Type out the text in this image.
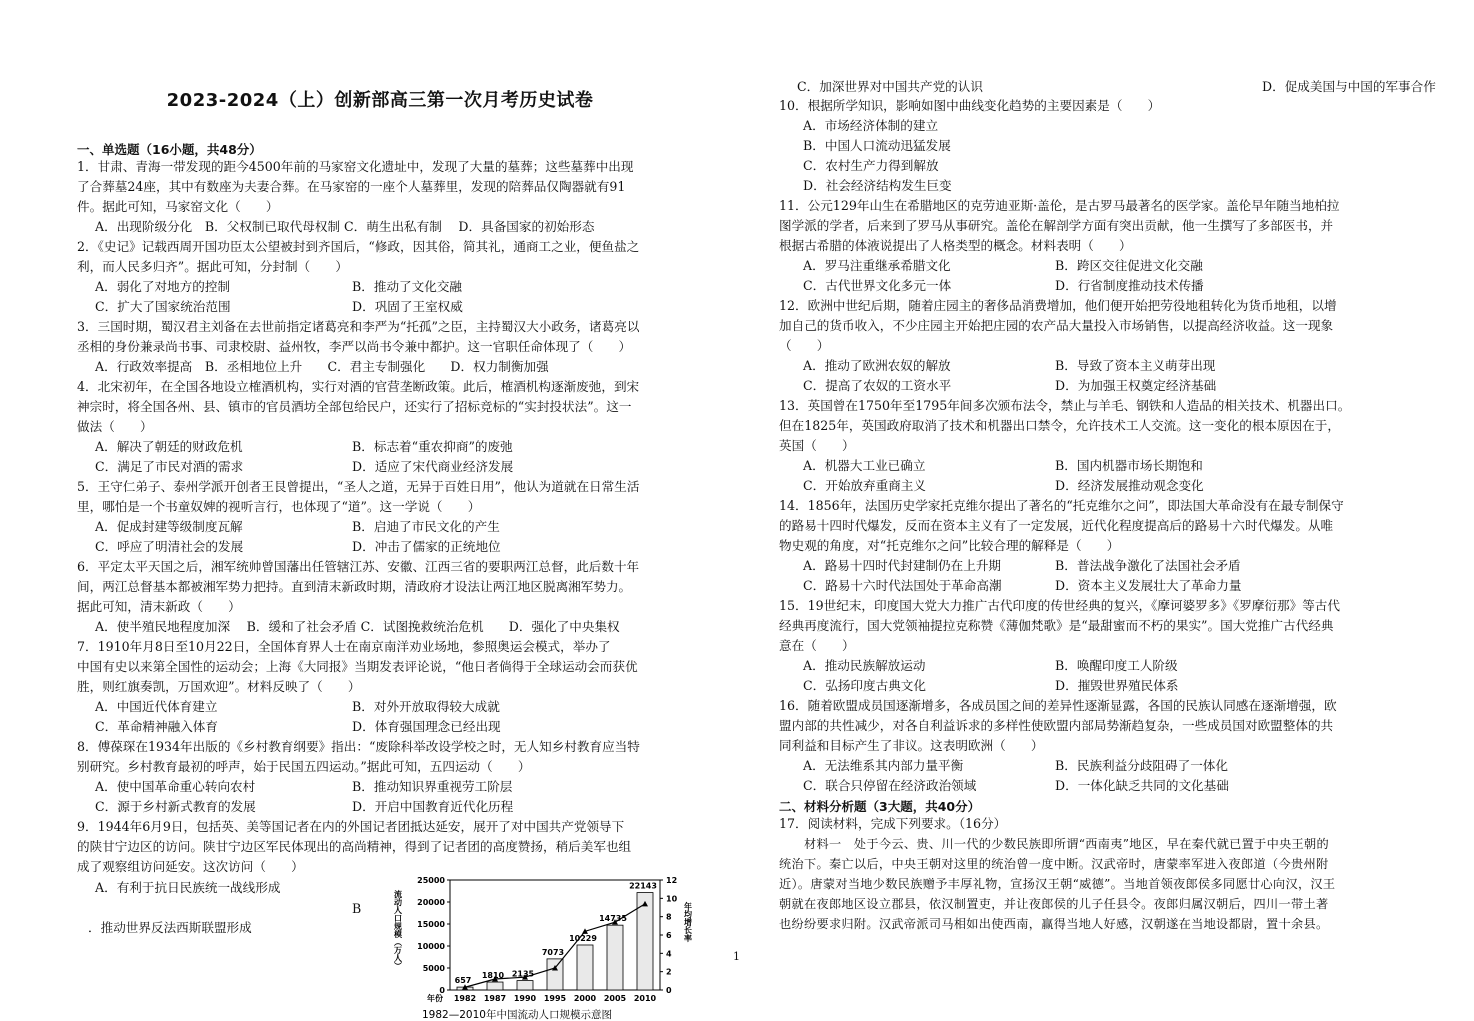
2023-2024（上）创新部高三第一次月考历史试卷
一、单选题（16小题，共48分）
1．甘肃、青海一带发现的距今4500年前的马家窑文化遗址中，发现了大量的墓葬；这些墓葬中出现
了合葬墓24座，其中有数座为夫妻合葬。在马家窑的一座个人墓葬里，发现的陪葬品仅陶器就有91
件。据此可知，马家窑文化（　　）
A．出现阶级分化　B．父权制已取代母权制 C．萌生出私有制　 D．具备国家的初始形态
2．《史记》记载西周开国功臣太公望被封到齐国后，“修政，因其俗，简其礼，通商工之业，便鱼盐之
利，而人民多归齐”。据此可知，分封制（　　）
A．弱化了对地方的控制	B．推动了文化交融
C．扩大了国家统治范围	D．巩固了王室权威
3．三国时期，蜀汉君主刘备在去世前指定诸葛亮和李严为“托孤”之臣，主持蜀汉大小政务，诸葛亮以
丞相的身份兼录尚书事、司隶校尉、益州牧，李严以尚书令兼中都护。这一官职任命体现了（　　）
A．行政效率提高　B．丞相地位上升　　C．君主专制强化　　D．权力制衡加强
4．北宋初年，在全国各地设立榷酒机构，实行对酒的官营垄断政策。此后，榷酒机构逐渐废弛，到宋
神宗时，将全国各州、县、镇市的官员酒坊全部包给民户，还实行了招标竞标的“实封投状法”。这一
做法（　　）
A．解决了朝廷的财政危机	B．标志着“重农抑商”的废弛
C．满足了市民对酒的需求	D．适应了宋代商业经济发展
5．王守仁弟子、泰州学派开创者王艮曾提出，“圣人之道，无异于百姓日用”，他认为道就在日常生活
里，哪怕是一个书童奴婢的视听言行，也体现了“道”。这一学说（　　）
A．促成封建等级制度瓦解	B．启迪了市民文化的产生
C．呼应了明清社会的发展	D．冲击了儒家的正统地位
6．平定太平天国之后，湘军统帅曾国藩出任管辖江苏、安徽、江西三省的要职两江总督，此后数十年
间，两江总督基本都被湘军势力把持。直到清末新政时期，清政府才设法让两江地区脱离湘军势力。
据此可知，清末新政（　　）
A．使半殖民地程度加深　 B．缓和了社会矛盾 C．试图挽救统治危机　　D．强化了中央集权
7．1910年月8日至10月22日，全国体育界人士在南京南洋劝业场地，参照奥运会模式，举办了
中国有史以来第全国性的运动会；上海《大同报》当期发表评论说，“他日者倘得于全球运动会而获优
胜，则红旗奏凯，万国欢迎”。材料反映了（　　）
A．中国近代体育建立	B．对外开放取得较大成就
C．革命精神融入体育	D．体育强国理念已经出现
8．傅葆琛在1934年出版的《乡村教育纲要》指出：“废除科举改设学校之时，无人知乡村教育应当特
别研究。乡村教育最初的呼声，始于民国五四运动。”据此可知，五四运动（　　）
A．使中国革命重心转向农村	B．推动知识界重视劳工阶层
C．源于乡村新式教育的发展	D．开启中国教育近代化历程
9．1944年6月9日，包括英、美等国记者在内的外国记者团抵达延安，展开了对中国共产党领导下
的陕甘宁边区的访问。陕甘宁边区军民体现出的高尚精神，得到了记者团的高度赞扬，稍后美军也组
成了观察组访问延安。这次访问（　　）
A．有利于抗日民族统一战线形成
B
．推动世界反法西斯联盟形成
0
5000
10000
15000
20000
25000
0
2
4
6
8
10
12
657
1810 2135
7073
10229
14735
22143
1982 1987 1990 1995 2000 2005 2010
流动人口规模（万人）	年均增长率
年份
1982—2010年中国流动人口规模示意图
1
C．加深世界对中国共产党的认识	D．促成美国与中国的军事合作
10．根据所学知识，影响如图中曲线变化趋势的主要因素是（　　）
A．市场经济体制的建立
B．中国人口流动迅猛发展
C．农村生产力得到解放
D．社会经济结构发生巨变
11．公元129年山生在希腊地区的克劳迪亚斯·盖伦，是古罗马最著名的医学家。盖伦早年随当地柏拉
图学派的学者，后来到了罗马从事研究。盖伦在解剖学方面有突出贡献，他一生撰写了多部医书，并
根据古希腊的体液说提出了人格类型的概念。材料表明（　　）
A．罗马注重继承希腊文化	B．跨区交往促进文化交融
C．古代世界文化多元一体	D．行省制度推动技术传播
12．欧洲中世纪后期，随着庄园主的奢侈品消费增加，他们便开始把劳役地租转化为货币地租，以增
加自己的货币收入，不少庄园主开始把庄园的农产品大量投入市场销售，以提高经济收益。这一现象
（　　）
A．推动了欧洲农奴的解放	B．导致了资本主义萌芽出现
C．提高了农奴的工资水平	D．为加强王权奠定经济基础
13．英国曾在1750年至1795年间多次颁布法令，禁止与羊毛、钢铁和人造品的相关技术、机器出口。
但在1825年，英国政府取消了技术和机器出口禁令，允许技术工人交流。这一变化的根本原因在于，
英国（　　）
A．机器大工业已确立	B．国内机器市场长期饱和
C．开始放弃重商主义	D．经济发展推动观念变化
14．1856年，法国历史学家托克维尔提出了著名的“托克维尔之问”，即法国大革命没有在最专制保守
的路易十四时代爆发，反而在资本主义有了一定发展，近代化程度提高后的路易十六时代爆发。从唯
物史观的角度，对“托克维尔之问”比较合理的解释是（　　）
A．路易十四时代封建制仍在上升期	B．普法战争激化了法国社会矛盾
C．路易十六时代法国处于革命高潮	D．资本主义发展壮大了革命力量
15．19世纪末，印度国大党大力推广古代印度的传世经典的复兴，《摩诃婆罗多》《罗摩衍那》等古代
经典再度流行，国大党领袖提拉克称赞《薄伽梵歌》是“最甜蜜而不朽的果实”。国大党推广古代经典
意在（　　）
A．推动民族解放运动	B．唤醒印度工人阶级
C．弘扬印度古典文化	D．摧毁世界殖民体系
16．随着欧盟成员国逐渐增多，各成员国之间的差异性逐渐显露，各国的民族认同感在逐渐增强，欧
盟内部的共性减少，对各自利益诉求的多样性使欧盟内部局势渐趋复杂，一些成员国对欧盟整体的共
同利益和目标产生了非议。这表明欧洲（　　）
A．无法维系其内部力量平衡	B．民族利益分歧阻碍了一体化
C．联合只停留在经济政治领域	D．一体化缺乏共同的文化基础
二、材料分析题（3大题，共40分）
17．阅读材料，完成下列要求。（16分）
　　材料一　处于今云、贵、川一代的少数民族即所谓“西南夷”地区，早在秦代就已置于中央王朝的
统治下。秦亡以后，中央王朝对这里的统治曾一度中断。汉武帝时，唐蒙率军进入夜郎道（今贵州附
近）。唐蒙对当地少数民族赠予丰厚礼物，宣扬汉王朝“威德”。当地首领夜郎侯多同愿廿心向汉，汉王
朝就在夜郎地区设立郡县，依汉制置吏，并让夜郎侯的儿子任县令。夜郎归属汉朝后，四川一带土著
也纷纷要求归附。汉武帝派司马相如出使西南，赢得当地人好感，汉朝遂在当地设都尉，置十余县。
